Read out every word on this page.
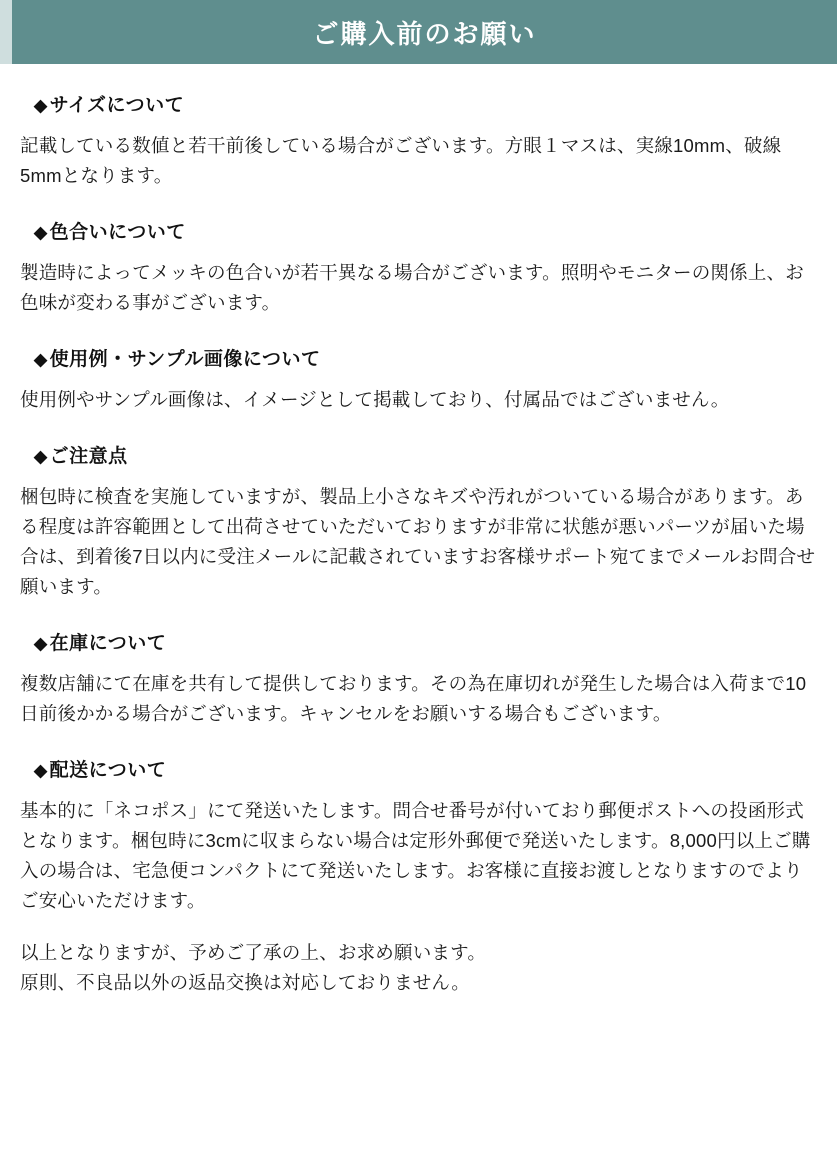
ご購入前のお願い
◆ サイズについて
記載している数値と若干前後している場合がございます。方眼１マスは、実線10mm、破線5mmとなります。
◆ 色合いについて
製造時によってメッキの色合いが若干異なる場合がございます。照明やモニターの関係上、お色味が変わる事がございます。
◆ 使用例・サンプル画像について
使用例やサンプル画像は、イメージとして掲載しており、付属品ではございません。
◆ ご注意点
梱包時に検査を実施していますが、製品上小さなキズや汚れがついている場合があります。ある程度は許容範囲として出荷させていただいておりますが非常に状態が悪いパーツが届いた場合は、到着後7日以内に受注メールに記載されていますお客様サポート宛てまでメールお問合せ願います。
◆ 在庫について
複数店舗にて在庫を共有して提供しております。その為在庫切れが発生した場合は入荷まで10日前後かかる場合がございます。キャンセルをお願いする場合もございます。
◆ 配送について
基本的に「ネコポス」にて発送いたします。問合せ番号が付いており郵便ポストへの投函形式となります。梱包時に3cmに収まらない場合は定形外郵便で発送いたします。8,000円以上ご購入の場合は、宅急便コンパクトにて発送いたします。お客様に直接お渡しとなりますのでよりご安心いただけます。
以上となりますが、予めご了承の上、お求め願います。
原則、不良品以外の返品交換は対応しておりません。
